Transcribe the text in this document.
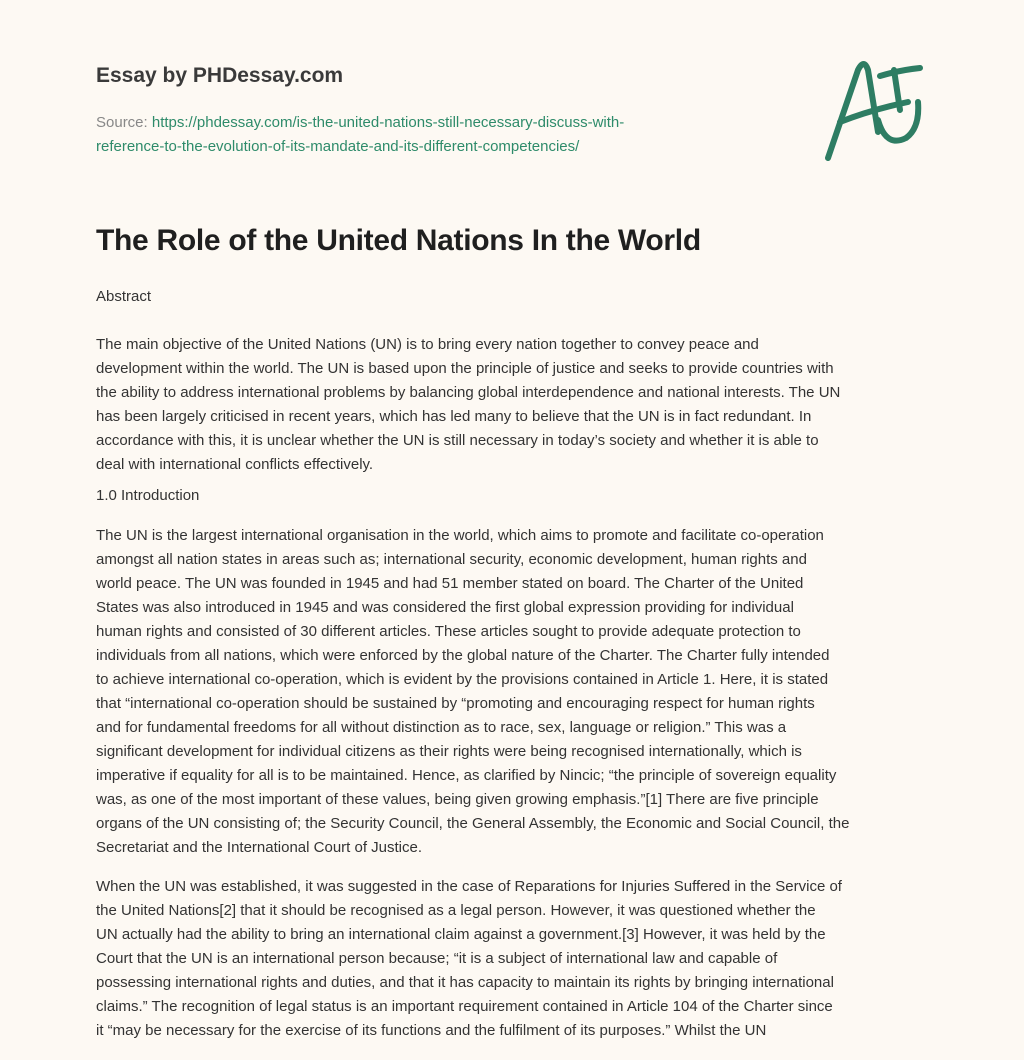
Essay by PHDessay.com
Source: https://phdessay.com/is-the-united-nations-still-necessary-discuss-with-
reference-to-the-evolution-of-its-mandate-and-its-different-competencies/
The Role of the United Nations In the World
Abstract
The main objective of the United Nations (UN) is to bring every nation together to convey peace and
development within the world. The UN is based upon the principle of justice and seeks to provide countries with
the ability to address international problems by balancing global interdependence and national interests. The UN
has been largely criticised in recent years, which has led many to believe that the UN is in fact redundant. In
accordance with this, it is unclear whether the UN is still necessary in today’s society and whether it is able to
deal with international conflicts effectively.
1.0 Introduction
The UN is the largest international organisation in the world, which aims to promote and facilitate co-operation
amongst all nation states in areas such as; international security, economic development, human rights and
world peace. The UN was founded in 1945 and had 51 member stated on board. The Charter of the United
States was also introduced in 1945 and was considered the first global expression providing for individual
human rights and consisted of 30 different articles. These articles sought to provide adequate protection to
individuals from all nations, which were enforced by the global nature of the Charter. The Charter fully intended
to achieve international co-operation, which is evident by the provisions contained in Article 1. Here, it is stated
that “international co-operation should be sustained by “promoting and encouraging respect for human rights
and for fundamental freedoms for all without distinction as to race, sex, language or religion.” This was a
significant development for individual citizens as their rights were being recognised internationally, which is
imperative if equality for all is to be maintained. Hence, as clarified by Nincic; “the principle of sovereign equality
was, as one of the most important of these values, being given growing emphasis.”[1] There are five principle
organs of the UN consisting of; the Security Council, the General Assembly, the Economic and Social Council, the
Secretariat and the International Court of Justice.
When the UN was established, it was suggested in the case of Reparations for Injuries Suffered in the Service of
the United Nations[2] that it should be recognised as a legal person. However, it was questioned whether the
UN actually had the ability to bring an international claim against a government.[3] However, it was held by the
Court that the UN is an international person because; “it is a subject of international law and capable of
possessing international rights and duties, and that it has capacity to maintain its rights by bringing international
claims.” The recognition of legal status is an important requirement contained in Article 104 of the Charter since
it “may be necessary for the exercise of its functions and the fulfilment of its purposes.” Whilst the UN
